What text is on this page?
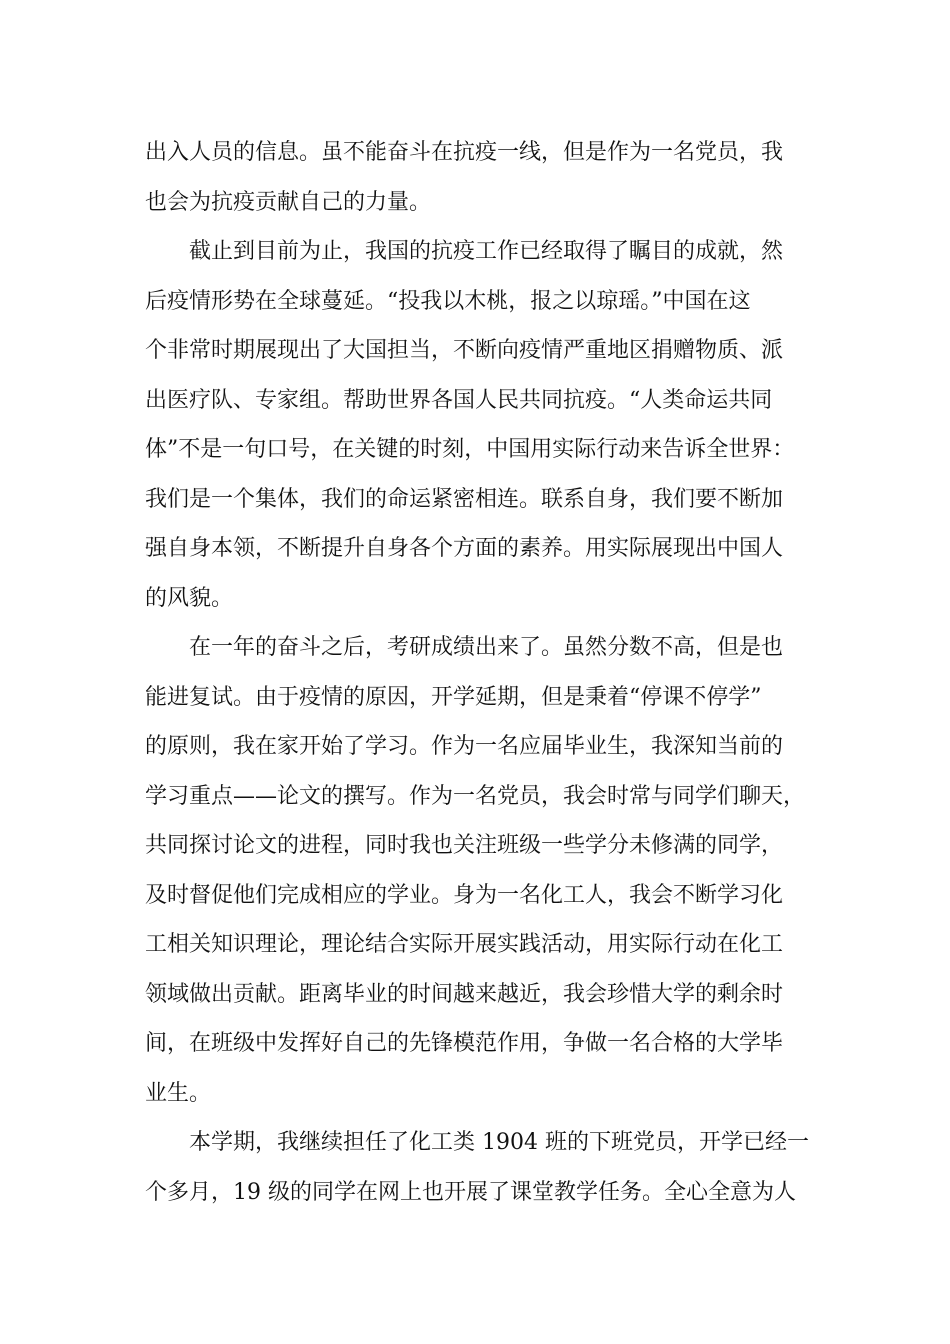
出入人员的信息。虽不能奋斗在抗疫一线，但是作为一名党员，我
也会为抗疫贡献自己的力量。
截止到目前为止，我国的抗疫工作已经取得了瞩目的成就，然
后疫情形势在全球蔓延。“投我以木桃，报之以琼瑶。”中国在这
个非常时期展现出了大国担当，不断向疫情严重地区捐赠物质、派
出医疗队、专家组。帮助世界各国人民共同抗疫。“人类命运共同
体”不是一句口号，在关键的时刻，中国用实际行动来告诉全世界：
我们是一个集体，我们的命运紧密相连。联系自身，我们要不断加
强自身本领，不断提升自身各个方面的素养。用实际展现出中国人
的风貌。
在一年的奋斗之后，考研成绩出来了。虽然分数不高，但是也
能进复试。由于疫情的原因，开学延期，但是秉着“停课不停学”
的原则，我在家开始了学习。作为一名应届毕业生，我深知当前的
学习重点——论文的撰写。作为一名党员，我会时常与同学们聊天，
共同探讨论文的进程，同时我也关注班级一些学分未修满的同学，
及时督促他们完成相应的学业。身为一名化工人，我会不断学习化
工相关知识理论，理论结合实际开展实践活动，用实际行动在化工
领域做出贡献。距离毕业的时间越来越近，我会珍惜大学的剩余时
间，在班级中发挥好自己的先锋模范作用，争做一名合格的大学毕
业生。
本学期，我继续担任了化工类 1904 班的下班党员，开学已经一
个多月，19 级的同学在网上也开展了课堂教学任务。全心全意为人
